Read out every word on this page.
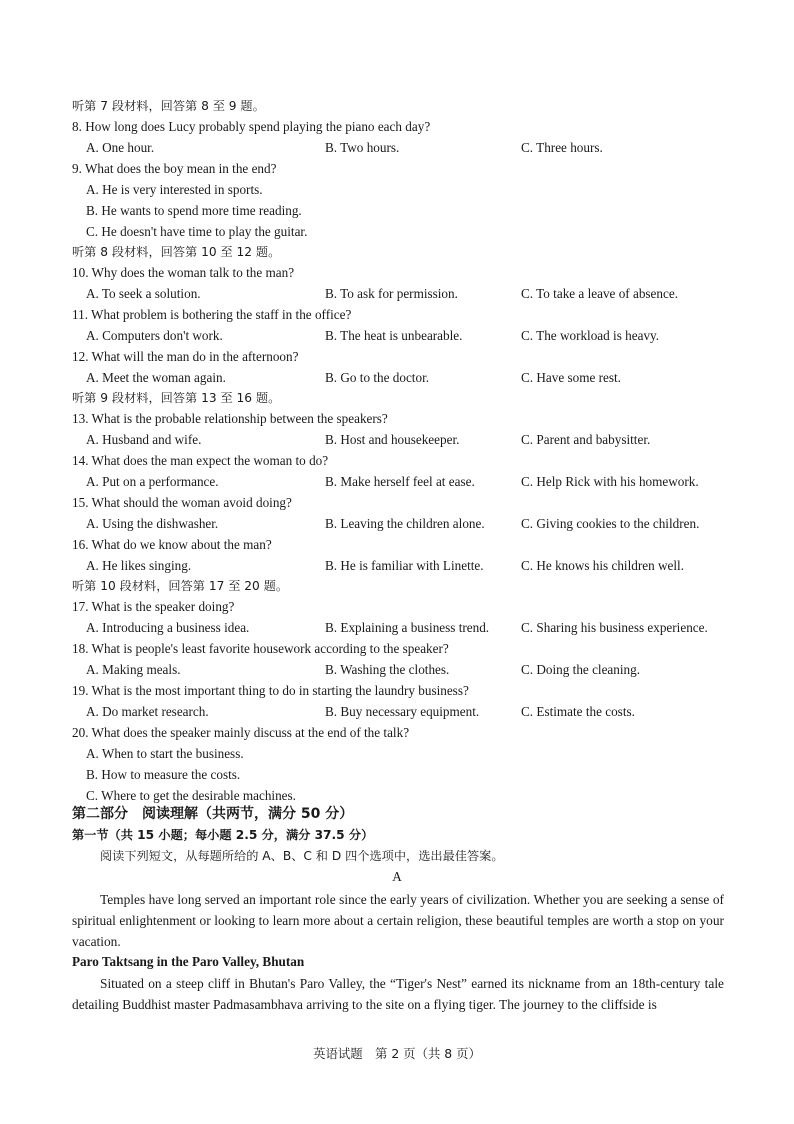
听第 7 段材料，回答第 8 至 9 题。
8. How long does Lucy probably spend playing the piano each day?
A. One hour.	B. Two hours.	C. Three hours.
9. What does the boy mean in the end?
A. He is very interested in sports.
B. He wants to spend more time reading.
C. He doesn't have time to play the guitar.
听第 8 段材料，回答第 10 至 12 题。
10. Why does the woman talk to the man?
A. To seek a solution.	B. To ask for permission.	C. To take a leave of absence.
11. What problem is bothering the staff in the office?
A. Computers don't work.	B. The heat is unbearable.	C. The workload is heavy.
12. What will the man do in the afternoon?
A. Meet the woman again.	B. Go to the doctor.	C. Have some rest.
听第 9 段材料，回答第 13 至 16 题。
13. What is the probable relationship between the speakers?
A. Husband and wife.	B. Host and housekeeper.	C. Parent and babysitter.
14. What does the man expect the woman to do?
A. Put on a performance.	B. Make herself feel at ease.	C. Help Rick with his homework.
15. What should the woman avoid doing?
A. Using the dishwasher.	B. Leaving the children alone.	C. Giving cookies to the children.
16. What do we know about the man?
A. He likes singing.	B. He is familiar with Linette.	C. He knows his children well.
听第 10 段材料，回答第 17 至 20 题。
17. What is the speaker doing?
A. Introducing a business idea.	B. Explaining a business trend. C. Sharing his business experience.
18. What is people's least favorite housework according to the speaker?
A. Making meals.	B. Washing the clothes.	C. Doing the cleaning.
19. What is the most important thing to do in starting the laundry business?
A. Do market research.	B. Buy necessary equipment.	C. Estimate the costs.
20. What does the speaker mainly discuss at the end of the talk?
A. When to start the business.
B. How to measure the costs.
C. Where to get the desirable machines.
第二部分　阅读理解（共两节，满分 50 分）
第一节（共 15 小题；每小题 2.5 分，满分 37.5 分）
阅读下列短文，从每题所给的 A、B、C 和 D 四个选项中，选出最佳答案。
A
Temples have long served an important role since the early years of civilization. Whether you are seeking a sense of spiritual enlightenment or looking to learn more about a certain religion, these beautiful temples are worth a stop on your vacation.
Paro Taktsang in the Paro Valley, Bhutan
Situated on a steep cliff in Bhutan's Paro Valley, the “Tiger's Nest” earned its nickname from an 18th-century tale detailing Buddhist master Padmasambhava arriving to the site on a flying tiger. The journey to the cliffside is
英语试题　第 2 页（共 8 页）
